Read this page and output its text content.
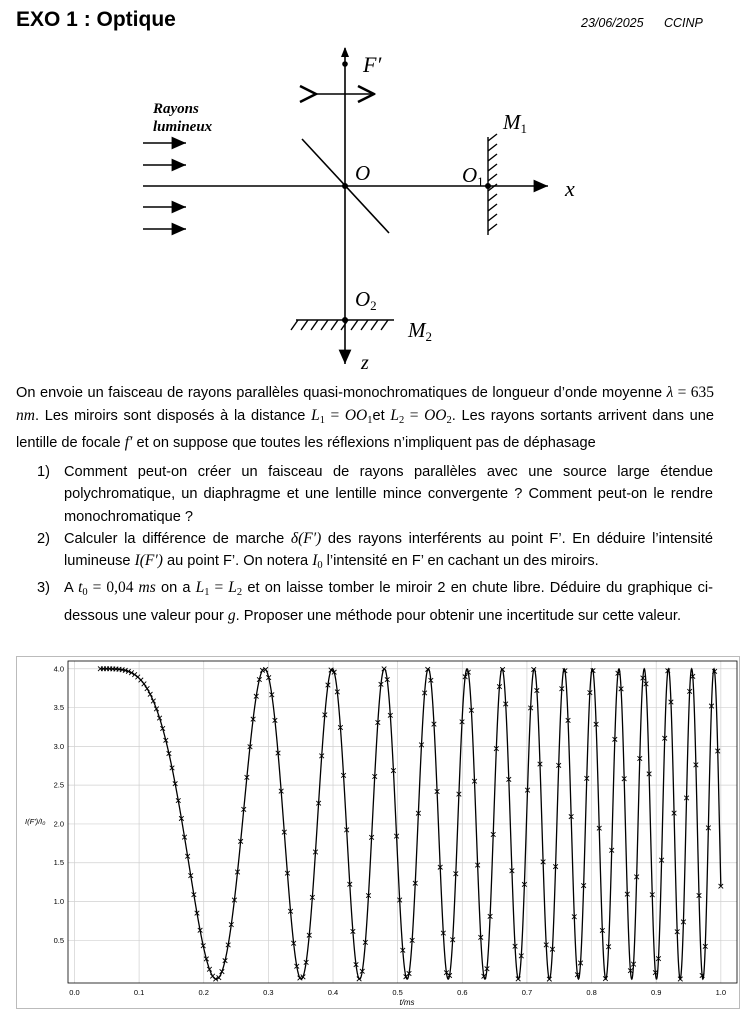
EXO 1 : Optique	23/06/2025 CCINP
F′
Rayons
lumineux
O	O1
M1
x
O2
M2
z
On envoie un faisceau de rayons parallèles quasi-monochromatiques de longueur d’onde moyenne λ = 635 nm. Les miroirs sont disposés à la distance $L_1 = OO_1et$ $L_2 = OO_2$. Les rayons sortants arrivent dans une lentille de focale f′ et on suppose que toutes les réflexions n’impliquent pas de déphasage
1) Comment peut-on créer un faisceau de rayons parallèles avec une source large étendue polychromatique, un diaphragme et une lentille mince convergente ? Comment peut-on le rendre monochromatique ?
2) Calculer la différence de marche δ(F′) des rayons interférents au point F’. En déduire l’intensité lumineuse I(F′) au point F’. On notera $I_0$ l’intensité en F’ en cachant un des miroirs.
3) A $t_0 = 0,04$ ms on a $L_1 = L_2$ et on laisse tomber le miroir 2 en chute libre. Déduire du graphique ci-dessous une valeur pour g. Proposer une méthode pour obtenir une incertitude sur cette valeur.
0.0	0.1	0.2	0.3	0.4	0.5	0.6	0.7	0.8	0.9	1.0
0.5
1.0
1.5
2.0
2.5
3.0
3.5
4.0
t/ms
I(F')/I₀
